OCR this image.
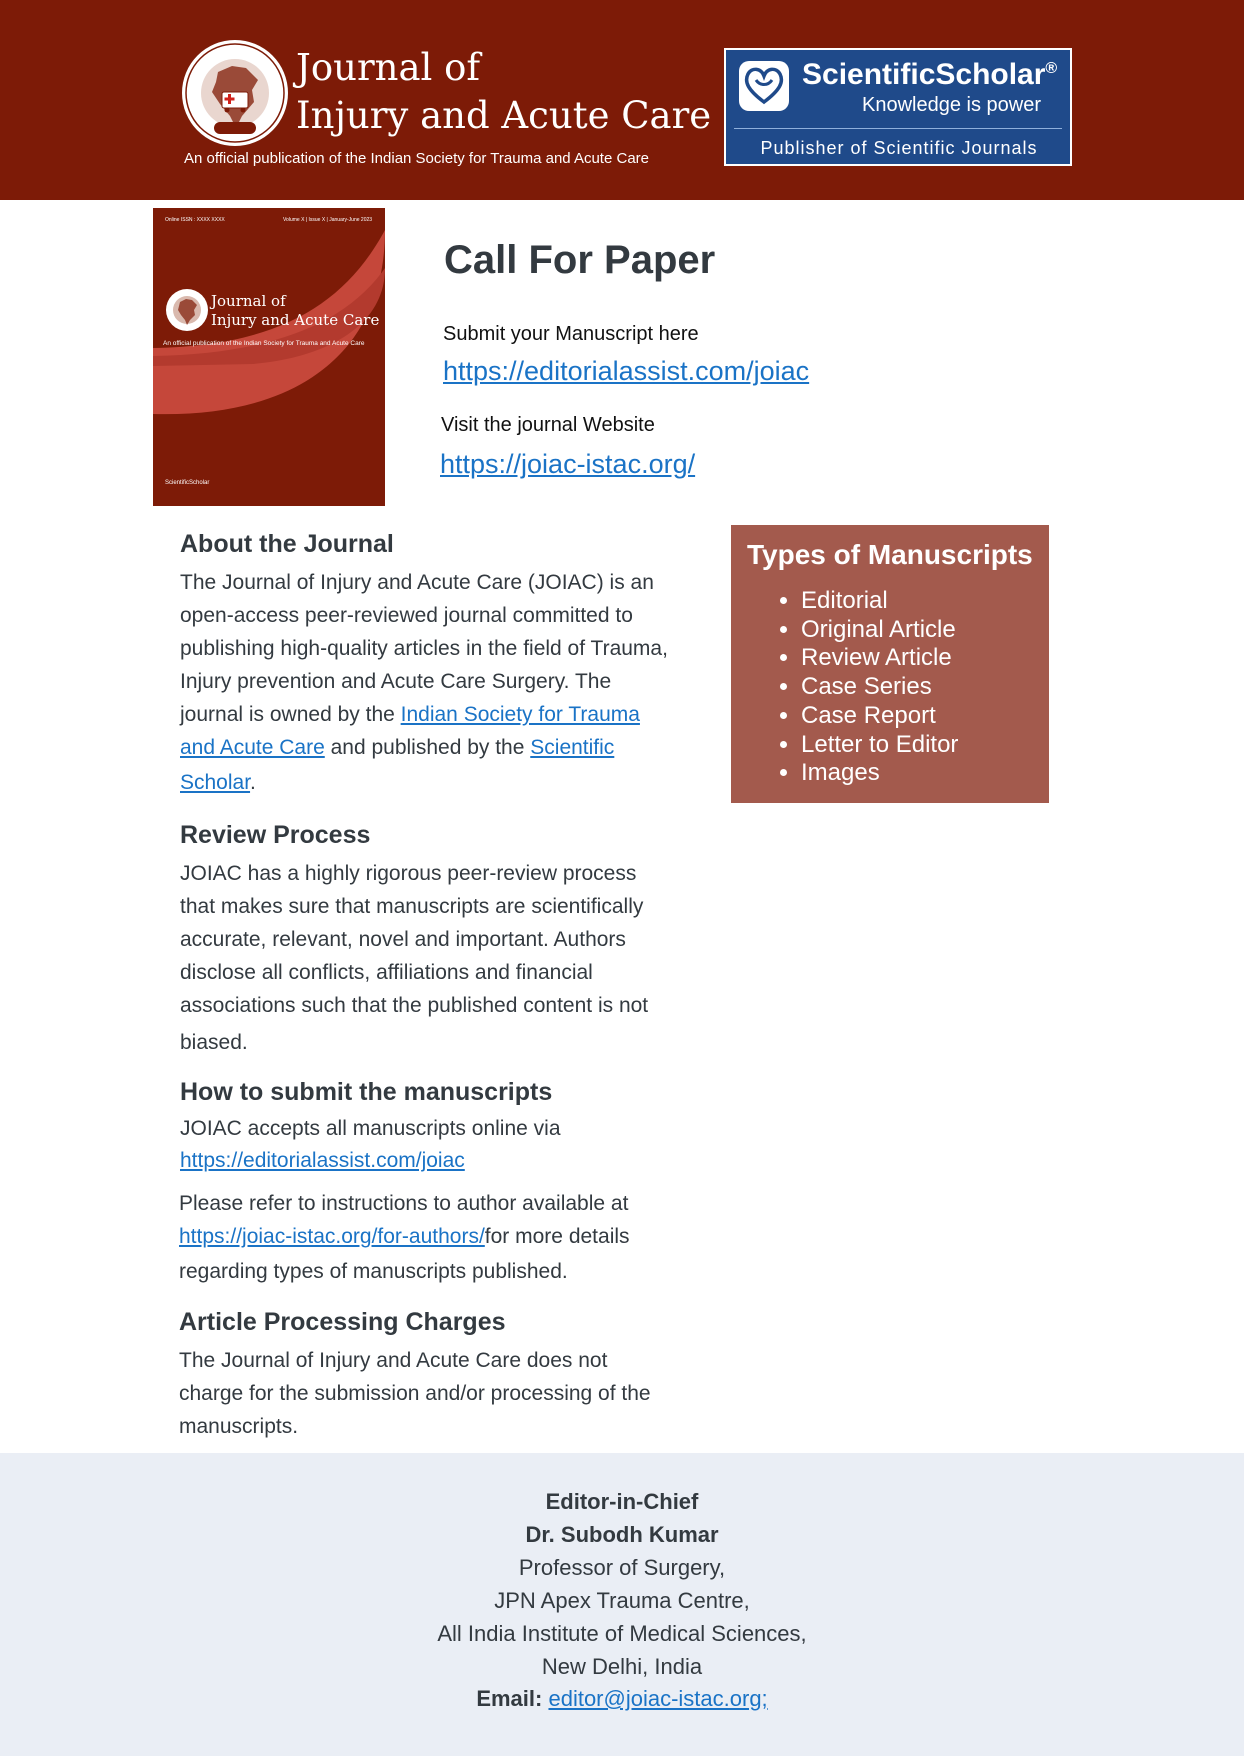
Journal of
Injury and Acute Care
An official publication of the Indian Society for Trauma and Acute Care
ScientificScholar®
Knowledge is power
Publisher of Scientific Journals
Online ISSN : XXXX XXXX	Volume X | Issue X | January-June 2023
Journal of
Injury and Acute Care
An official publication of the Indian Society for Trauma and Acute Care
ScientificScholar
Call For Paper
Submit your Manuscript here
https://editorialassist.com/joiac
Visit the journal Website
https://joiac-istac.org/
About the Journal
The Journal of Injury and Acute Care (JOIAC) is an
open-access peer-reviewed journal committed to
publishing high-quality articles in the field of Trauma,
Injury prevention and Acute Care Surgery. The
journal is owned by the Indian Society for Trauma
and Acute Care and published by the Scientific
Scholar.
Review Process
JOIAC has a highly rigorous peer-review process
that makes sure that manuscripts are scientifically
accurate, relevant, novel and important. Authors
disclose all conflicts, affiliations and financial
associations such that the published content is not
biased.
How to submit the manuscripts
JOIAC accepts all manuscripts online via
https://editorialassist.com/joiac
Please refer to instructions to author available at
https://joiac-istac.org/for-authors/for more details
regarding types of manuscripts published.
Article Processing Charges
The Journal of Injury and Acute Care does not
charge for the submission and/or processing of the
manuscripts.
Types of Manuscripts
• Editorial
• Original Article
• Review Article
• Case Series
• Case Report
• Letter to Editor
• Images
Editor-in-Chief
Dr. Subodh Kumar
Professor of Surgery,
JPN Apex Trauma Centre,
All India Institute of Medical Sciences,
New Delhi, India
Email: editor@joiac-istac.org;
